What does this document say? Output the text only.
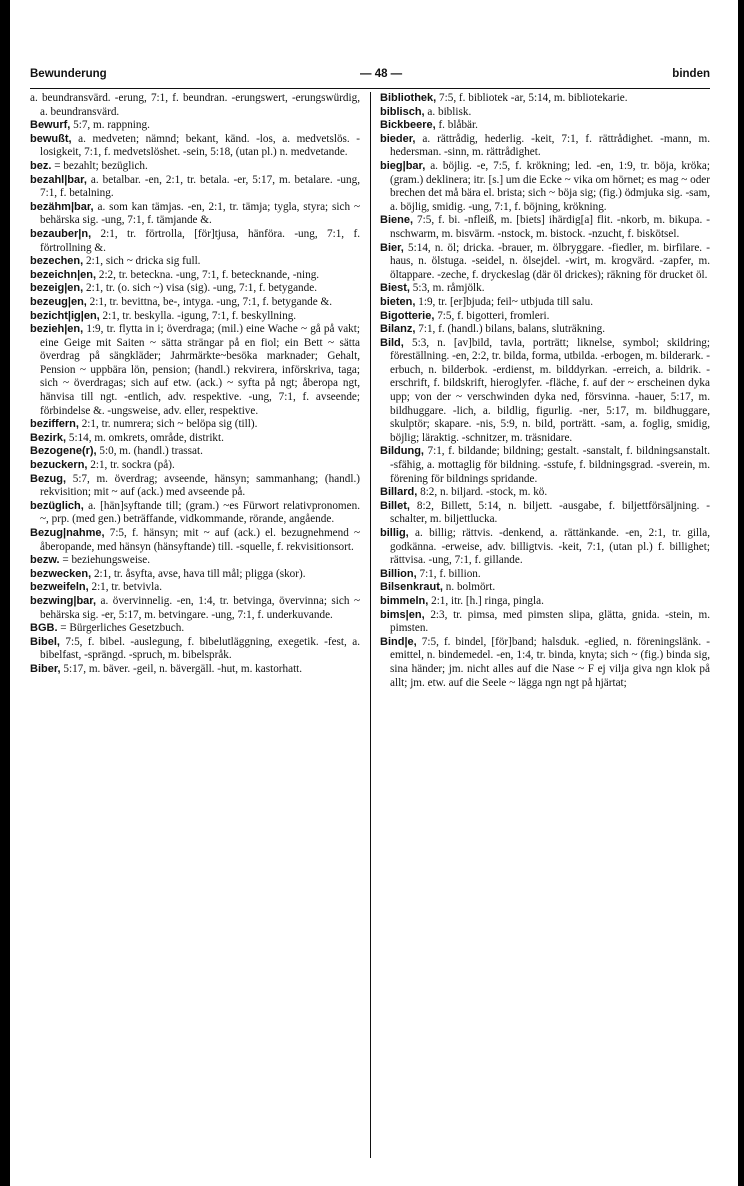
Bewunderung	— 48 —	binden

a. beundransvärd. -erung, 7:1, f. beundran. -erungswert, -erungswürdig, a. beundransvärd.

Bewurf, 5:7, m. rappning.

bewußt, a. medveten; nämnd; bekant, känd. -los, a. medvetslös. -losigkeit, 7:1, f. medvetslöshet. -sein, 5:18, (utan pl.) n. medvetande.

bez. = bezahlt; bezüglich.

bezahl|bar, a. betalbar. -en, 2:1, tr. betala. -er, 5:17, m. betalare. -ung, 7:1, f. betalning.

bezähm|bar, a. som kan tämjas. -en, 2:1, tr. tämja; tygla, styra; sich ~ behärska sig. -ung, 7:1, f. tämjande &.

bezauber|n, 2:1, tr. förtrolla, [för]tjusa, hänföra. -ung, 7:1, f. förtrollning &.

bezechen, 2:1, sich ~ dricka sig full.

bezeichn|en, 2:2, tr. beteckna. -ung, 7:1, f. betecknande, -ning.

bezeig|en, 2:1, tr. (o. sich ~) visa (sig). -ung, 7:1, f. betygande.

bezeug|en, 2:1, tr. bevittna, be-, intyga. -ung, 7:1, f. betygande &.

bezicht|ig|en, 2:1, tr. beskylla. -igung, 7:1, f. beskyllning.

bezieh|en, 1:9, tr. flytta in i; överdraga; (mil.) eine Wache ~ gå på vakt; eine Geige mit Saiten ~ sätta strängar på en fiol; ein Bett ~ sätta överdrag på sängkläder; Jahrmärkte~besöka marknader; Gehalt, Pension ~ uppbära lön, pension; (handl.) rekvirera, införskriva, taga; sich ~ överdragas; sich auf etw. (ack.) ~ syfta på ngt; åberopa ngt, hänvisa till ngt. -entlich, adv. respektive. -ung, 7:1, f. avseende; förbindelse &. -ungsweise, adv. eller, respektive.

beziffern, 2:1, tr. numrera; sich ~ belöpa sig (till).

Bezirk, 5:14, m. omkrets, område, distrikt.

Bezogene(r), 5:0, m. (handl.) trassat.

bezuckern, 2:1, tr. sockra (på).

Bezug, 5:7, m. överdrag; avseende, hänsyn; sammanhang; (handl.) rekvisition; mit ~ auf (ack.) med avseende på.

bezüglich, a. [hän]syftande till; (gram.) ~es Fürwort relativpronomen. ~, prp. (med gen.) beträffande, vidkommande, rörande, angående.

Bezug|nahme, 7:5, f. hänsyn; mit ~ auf (ack.) el. bezugnehmend ~ åberopande, med hänsyn (hänsyftande) till. -squelle, f. rekvisitionsort.

bezw. = beziehungsweise.

bezwecken, 2:1, tr. åsyfta, avse, hava till mål; pligga (skor).

bezweifeln, 2:1, tr. betvivla.

bezwing|bar, a. övervinnelig. -en, 1:4, tr. betvinga, övervinna; sich ~ behärska sig. -er, 5:17, m. betvingare. -ung, 7:1, f. underkuvande.

BGB. = Bürgerliches Gesetzbuch.

Bibel, 7:5, f. bibel. -auslegung, f. bibelutläggning, exegetik. -fest, a. bibelfast, -sprängd. -spruch, m. bibelspråk.

Biber, 5:17, m. bäver. -geil, n. bävergäll. -hut, m. kastorhatt.

Bibliothek, 7:5, f. bibliotek -ar, 5:14, m. bibliotekarie.

biblisch, a. biblisk.

Bickbeere, f. blåbär.

bieder, a. rättrådig, hederlig. -keit, 7:1, f. rättrådighet. -mann, m. hedersman. -sinn, m. rättrådighet.

bieg|bar, a. böjlig. -e, 7:5, f. krökning; led. -en, 1:9, tr. böja, kröka; (gram.) deklinera; itr. [s.] um die Ecke ~ vika om hörnet; es mag ~ oder brechen det må bära el. brista; sich ~ böja sig; (fig.) ödmjuka sig. -sam, a. böjlig, smidig. -ung, 7:1, f. böjning, krökning.

Biene, 7:5, f. bi. -nfleiß, m. [biets] ihärdig[a] flit. -nkorb, m. bikupa. -nschwarm, m. bisvärm. -nstock, m. bistock. -nzucht, f. biskötsel.

Bier, 5:14, n. öl; dricka. -brauer, m. ölbryggare. -fiedler, m. birfilare. -haus, n. ölstuga. -seidel, n. ölsejdel. -wirt, m. krogvärd. -zapfer, m. öltappare. -zeche, f. dryckeslag (där öl drickes); räkning för drucket öl.

Biest, 5:3, m. råmjölk.

bieten, 1:9, tr. [er]bjuda; feil~ utbjuda till salu.

Bigotterie, 7:5, f. bigotteri, fromleri.

Bilanz, 7:1, f. (handl.) bilans, balans, sluträkning.

Bild, 5:3, n. [av]bild, tavla, porträtt; liknelse, symbol; skildring; föreställning. -en, 2:2, tr. bilda, forma, utbilda. -erbogen, m. bilderark. -erbuch, n. bilderbok. -erdienst, m. bilddyrkan. -erreich, a. bildrik. -erschrift, f. bildskrift, hieroglyfer. -fläche, f. auf der ~ erscheinen dyka upp; von der ~ verschwinden dyka ned, försvinna. -hauer, 5:17, m. bildhuggare. -lich, a. bildlig, figurlig. -ner, 5:17, m. bildhuggare, skulptör; skapare. -nis, 5:9, n. bild, porträtt. -sam, a. foglig, smidig, böjlig; läraktig. -schnitzer, m. träsnidare.

Bildung, 7:1, f. bildande; bildning; gestalt. -sanstalt, f. bildningsanstalt. -sfähig, a. mottaglig för bildning. -sstufe, f. bildningsgrad. -sverein, m. förening för bildnings spridande.

Billard, 8:2, n. biljard. -stock, m. kö.

Billet, 8:2, Billett, 5:14, n. biljett. -ausgabe, f. biljettförsäljning. -schalter, m. biljettlucka.

billig, a. billig; rättvis. -denkend, a. rättänkande. -en, 2:1, tr. gilla, godkänna. -erweise, adv. billigtvis. -keit, 7:1, (utan pl.) f. billighet; rättvisa. -ung, 7:1, f. gillande.

Billion, 7:1, f. billion.

Bilsenkraut, n. bolmört.

bimmeln, 2:1, itr. [h.] ringa, pingla.

bims|en, 2:3, tr. pimsa, med pimsten slipa, glätta, gnida. -stein, m. pimsten.

Bind|e, 7:5, f. bindel, [för]band; halsduk. -eglied, n. föreningslänk. -emittel, n. bindemedel. -en, 1:4, tr. binda, knyta; sich ~ (fig.) binda sig, sina händer; jm. nicht alles auf die Nase ~ F ej vilja giva ngn klok på allt; jm. etw. auf die Seele ~ lägga ngn ngt på hjärtat;
